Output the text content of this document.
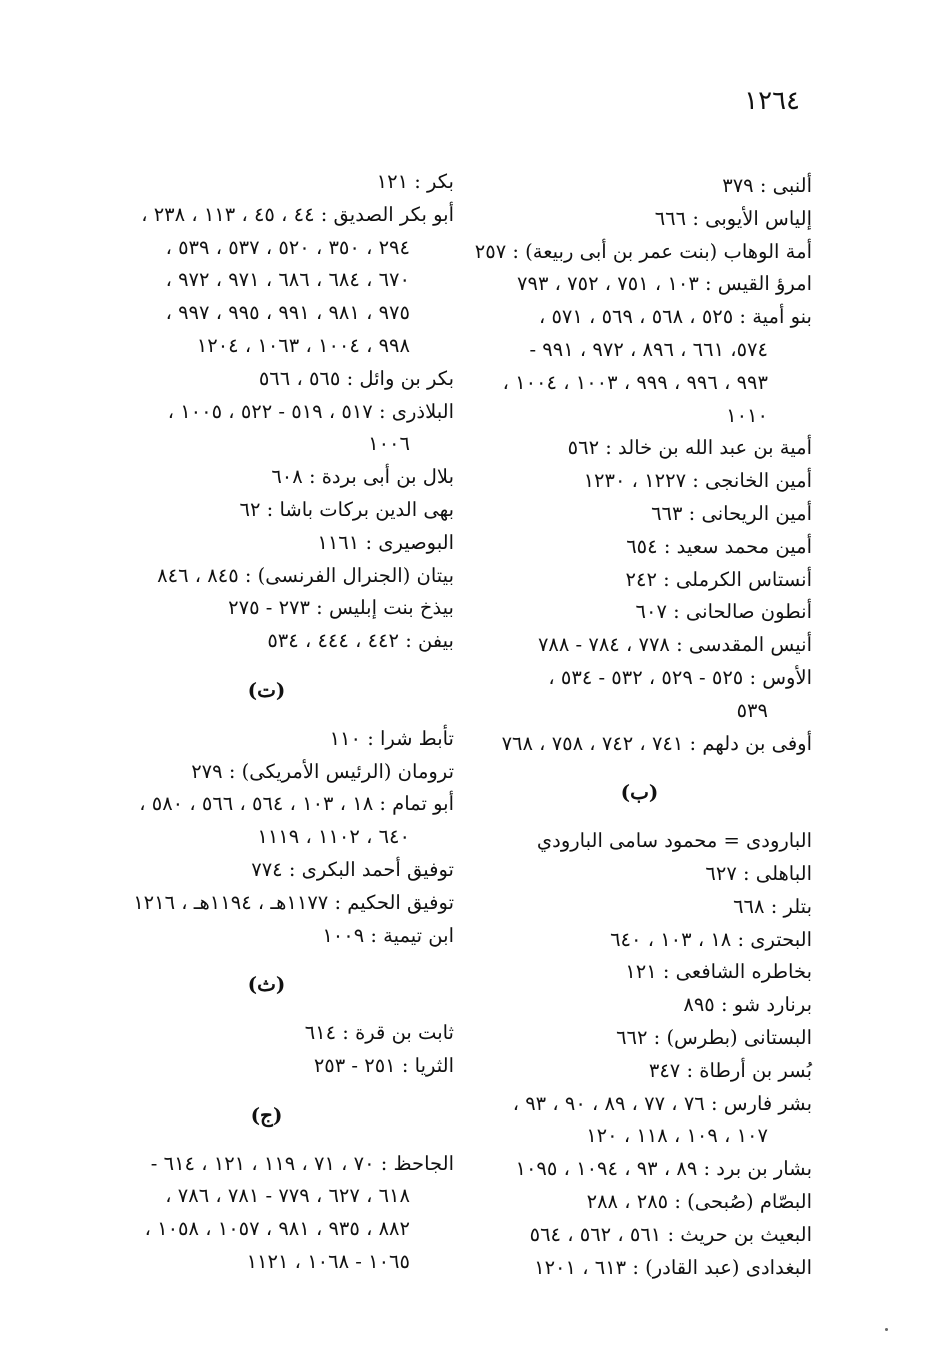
١٢٦٤
ألنبى : ٣٧٩
إلياس الأيوبى : ٦٦٦
أمة الوهاب (بنت عمر بن أبى ربيعة) : ٢٥٧
امرؤ القيس : ١٠٣ ، ٧٥١ ، ٧٥٢ ، ٧٩٣
بنو أمية : ٥٢٥ ، ٥٦٨ ، ٥٦٩ ، ٥٧١ ،
٥٧٤، ٦٦١ ، ٨٩٦ ، ٩٧٢ ، ٩٩١ -
٩٩٣ ، ٩٩٦ ، ٩٩٩ ، ١٠٠٣ ، ١٠٠٤ ،
١٠١٠
أمية بن عبد الله بن خالد : ٥٦٢
أمين الخانجى : ١٢٢٧ ، ١٢٣٠
أمين الريحانى : ٦٦٣
أمين محمد سعيد : ٦٥٤
أنستاس الكرملى : ٢٤٢
أنطون صالحانى : ٦٠٧
أنيس المقدسى : ٧٧٨ ، ٧٨٤ - ٧٨٨
الأوس : ٥٢٥ - ٥٢٩ ، ٥٣٢ - ٥٣٤ ،
٥٣٩
أوفى بن دلهم : ٧٤١ ، ٧٤٢ ، ٧٥٨ ، ٧٦٨
(ب)
البارودى = محمود سامى البارودي
الباهلى : ٦٢٧
بتلر : ٦٦٨
البحترى : ١٨ ، ١٠٣ ، ٦٤٠
بخاطره الشافعى : ١٢١
برنارد شو : ٨٩٥
البستانى (بطرس) : ٦٦٢
بُسر بن أرطاة : ٣٤٧
بشر فارس : ٧٦ ، ٧٧ ، ٨٩ ، ٩٠ ، ٩٣ ،
١٠٧ ، ١٠٩ ، ١١٨ ، ١٢٠
بشار بن برد : ٨٩ ، ٩٣ ، ١٠٩٤ ، ١٠٩٥
البصّام (صُبحى) : ٢٨٥ ، ٢٨٨
البعيث بن حريث : ٥٦١ ، ٥٦٢ ، ٥٦٤
البغدادى (عبد القادر) : ٦١٣ ، ١٢٠١
بكر : ١٢١
أبو بكر الصديق : ٤٤ ، ٤٥ ، ١١٣ ، ٢٣٨ ،
٢٩٤ ، ٣٥٠ ، ٥٢٠ ، ٥٣٧ ، ٥٣٩ ،
٦٧٠ ، ٦٨٤ ، ٦٨٦ ، ٩٧١ ، ٩٧٢ ،
٩٧٥ ، ٩٨١ ، ٩٩١ ، ٩٩٥ ، ٩٩٧ ،
٩٩٨ ، ١٠٠٤ ، ١٠٦٣ ، ١٢٠٤
بكر بن وائل : ٥٦٥ ، ٥٦٦
البلاذرى : ٥١٧ ، ٥١٩ - ٥٢٢ ، ١٠٠٥ ،
١٠٠٦
بلال بن أبى بردة : ٦٠٨
بهى الدين بركات باشا : ٦٢
البوصيرى : ١١٦١
بيتان (الجنرال الفرنسى) : ٨٤٥ ، ٨٤٦
بيذخ بنت إبليس : ٢٧٣ - ٢٧٥
بيفن : ٤٤٢ ، ٤٤٤ ، ٥٣٤
(ت)
تأبط شرا : ١١٠
ترومان (الرئيس الأمريكى) : ٢٧٩
أبو تمام : ١٨ ، ١٠٣ ، ٥٦٤ ، ٥٦٦ ، ٥٨٠ ،
٦٤٠ ، ١١٠٢ ، ١١١٩
توفيق أحمد البكرى : ٧٧٤
توفيق الحكيم : ١١٧٧هـ ، ١١٩٤هـ ، ١٢١٦
ابن تيمية : ١٠٠٩
(ث)
ثابت بن قرة : ٦١٤
الثريا : ٢٥١ - ٢٥٣
(ج)
الجاحظ : ٧٠ ، ٧١ ، ١١٩ ، ١٢١ ، ٦١٤ -
٦١٨ ، ٦٢٧ ، ٧٧٩ - ٧٨١ ، ٧٨٦ ،
٨٨٢ ، ٩٣٥ ، ٩٨١ ، ١٠٥٧ ، ١٠٥٨ ،
١٠٦٥ - ١٠٦٨ ، ١١٢١
